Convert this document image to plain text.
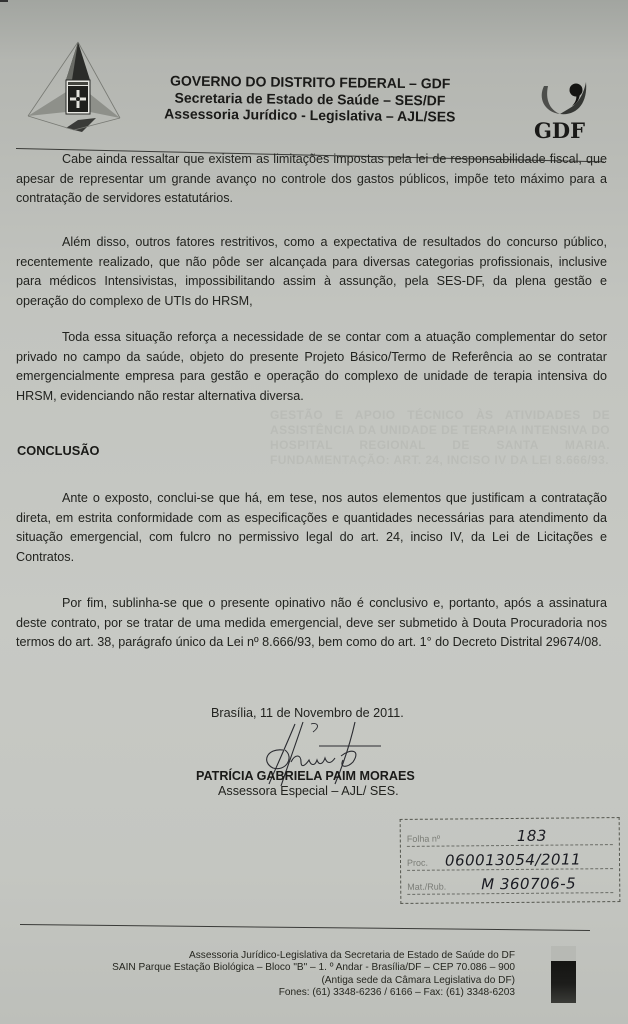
GOVERNO DO DISTRITO FEDERAL – GDF
Secretaria de Estado de Saúde – SES/DF
Assessoria Jurídico - Legislativa – AJL/SES
GDF
Cabe ainda ressaltar que existem as limitações impostas pela lei de responsabilidade fiscal, que apesar de representar um grande avanço no controle dos gastos públicos, impõe teto máximo para a contratação de servidores estatutários.
Além disso, outros fatores restritivos, como a expectativa de resultados do concurso público, recentemente realizado, que não pôde ser alcançada para diversas categorias profissionais, inclusive para médicos Intensivistas, impossibilitando assim à assunção, pela SES-DF, da plena gestão e operação do complexo de UTIs do HRSM,
Toda essa situação reforça a necessidade de se contar com a atuação complementar do setor privado no campo da saúde, objeto do presente Projeto Básico/Termo de Referência ao se contratar emergencialmente empresa para gestão e operação do complexo de unidade de terapia intensiva do HRSM, evidenciando não restar alternativa diversa.
GESTÃO E APOIO TÉCNICO ÀS ATIVIDADES DE ASSISTÊNCIA DA UNIDADE DE TERAPIA INTENSIVA DO HOSPITAL REGIONAL DE SANTA MARIA. FUNDAMENTAÇÃO: ART. 24, INCISO IV DA LEI 8.666/93.
CONCLUSÃO
Ante o exposto, conclui-se que há, em tese, nos autos elementos que justificam a contratação direta, em estrita conformidade com as especificações e quantidades necessárias para atendimento da situação emergencial, com fulcro no permissivo legal do art. 24, inciso IV, da Lei de Licitações e Contratos.
Por fim, sublinha-se que o presente opinativo não é conclusivo e, portanto, após a assinatura deste contrato, por se tratar de uma medida emergencial, deve ser submetido à Douta Procuradoria nos termos do art. 38, parágrafo único da Lei nº 8.666/93, bem como do art. 1° do Decreto Distrital 29674/08.
Brasília, 11 de Novembro de 2011.
PATRÍCIA GABRIELA PAIM MORAES
Assessora Especial – AJL/ SES.
Folha nº	183
Proc. 060013054/2011
Mat./Rub. M 360706-5
Assessoria Jurídico-Legislativa da Secretaria de Estado de Saúde do DF
SAIN Parque Estação Biológica – Bloco "B" – 1. º Andar - Brasília/DF – CEP 70.086 – 900
(Antiga sede da Câmara Legislativa do DF)
Fones: (61) 3348-6236 / 6166 – Fax: (61) 3348-6203
